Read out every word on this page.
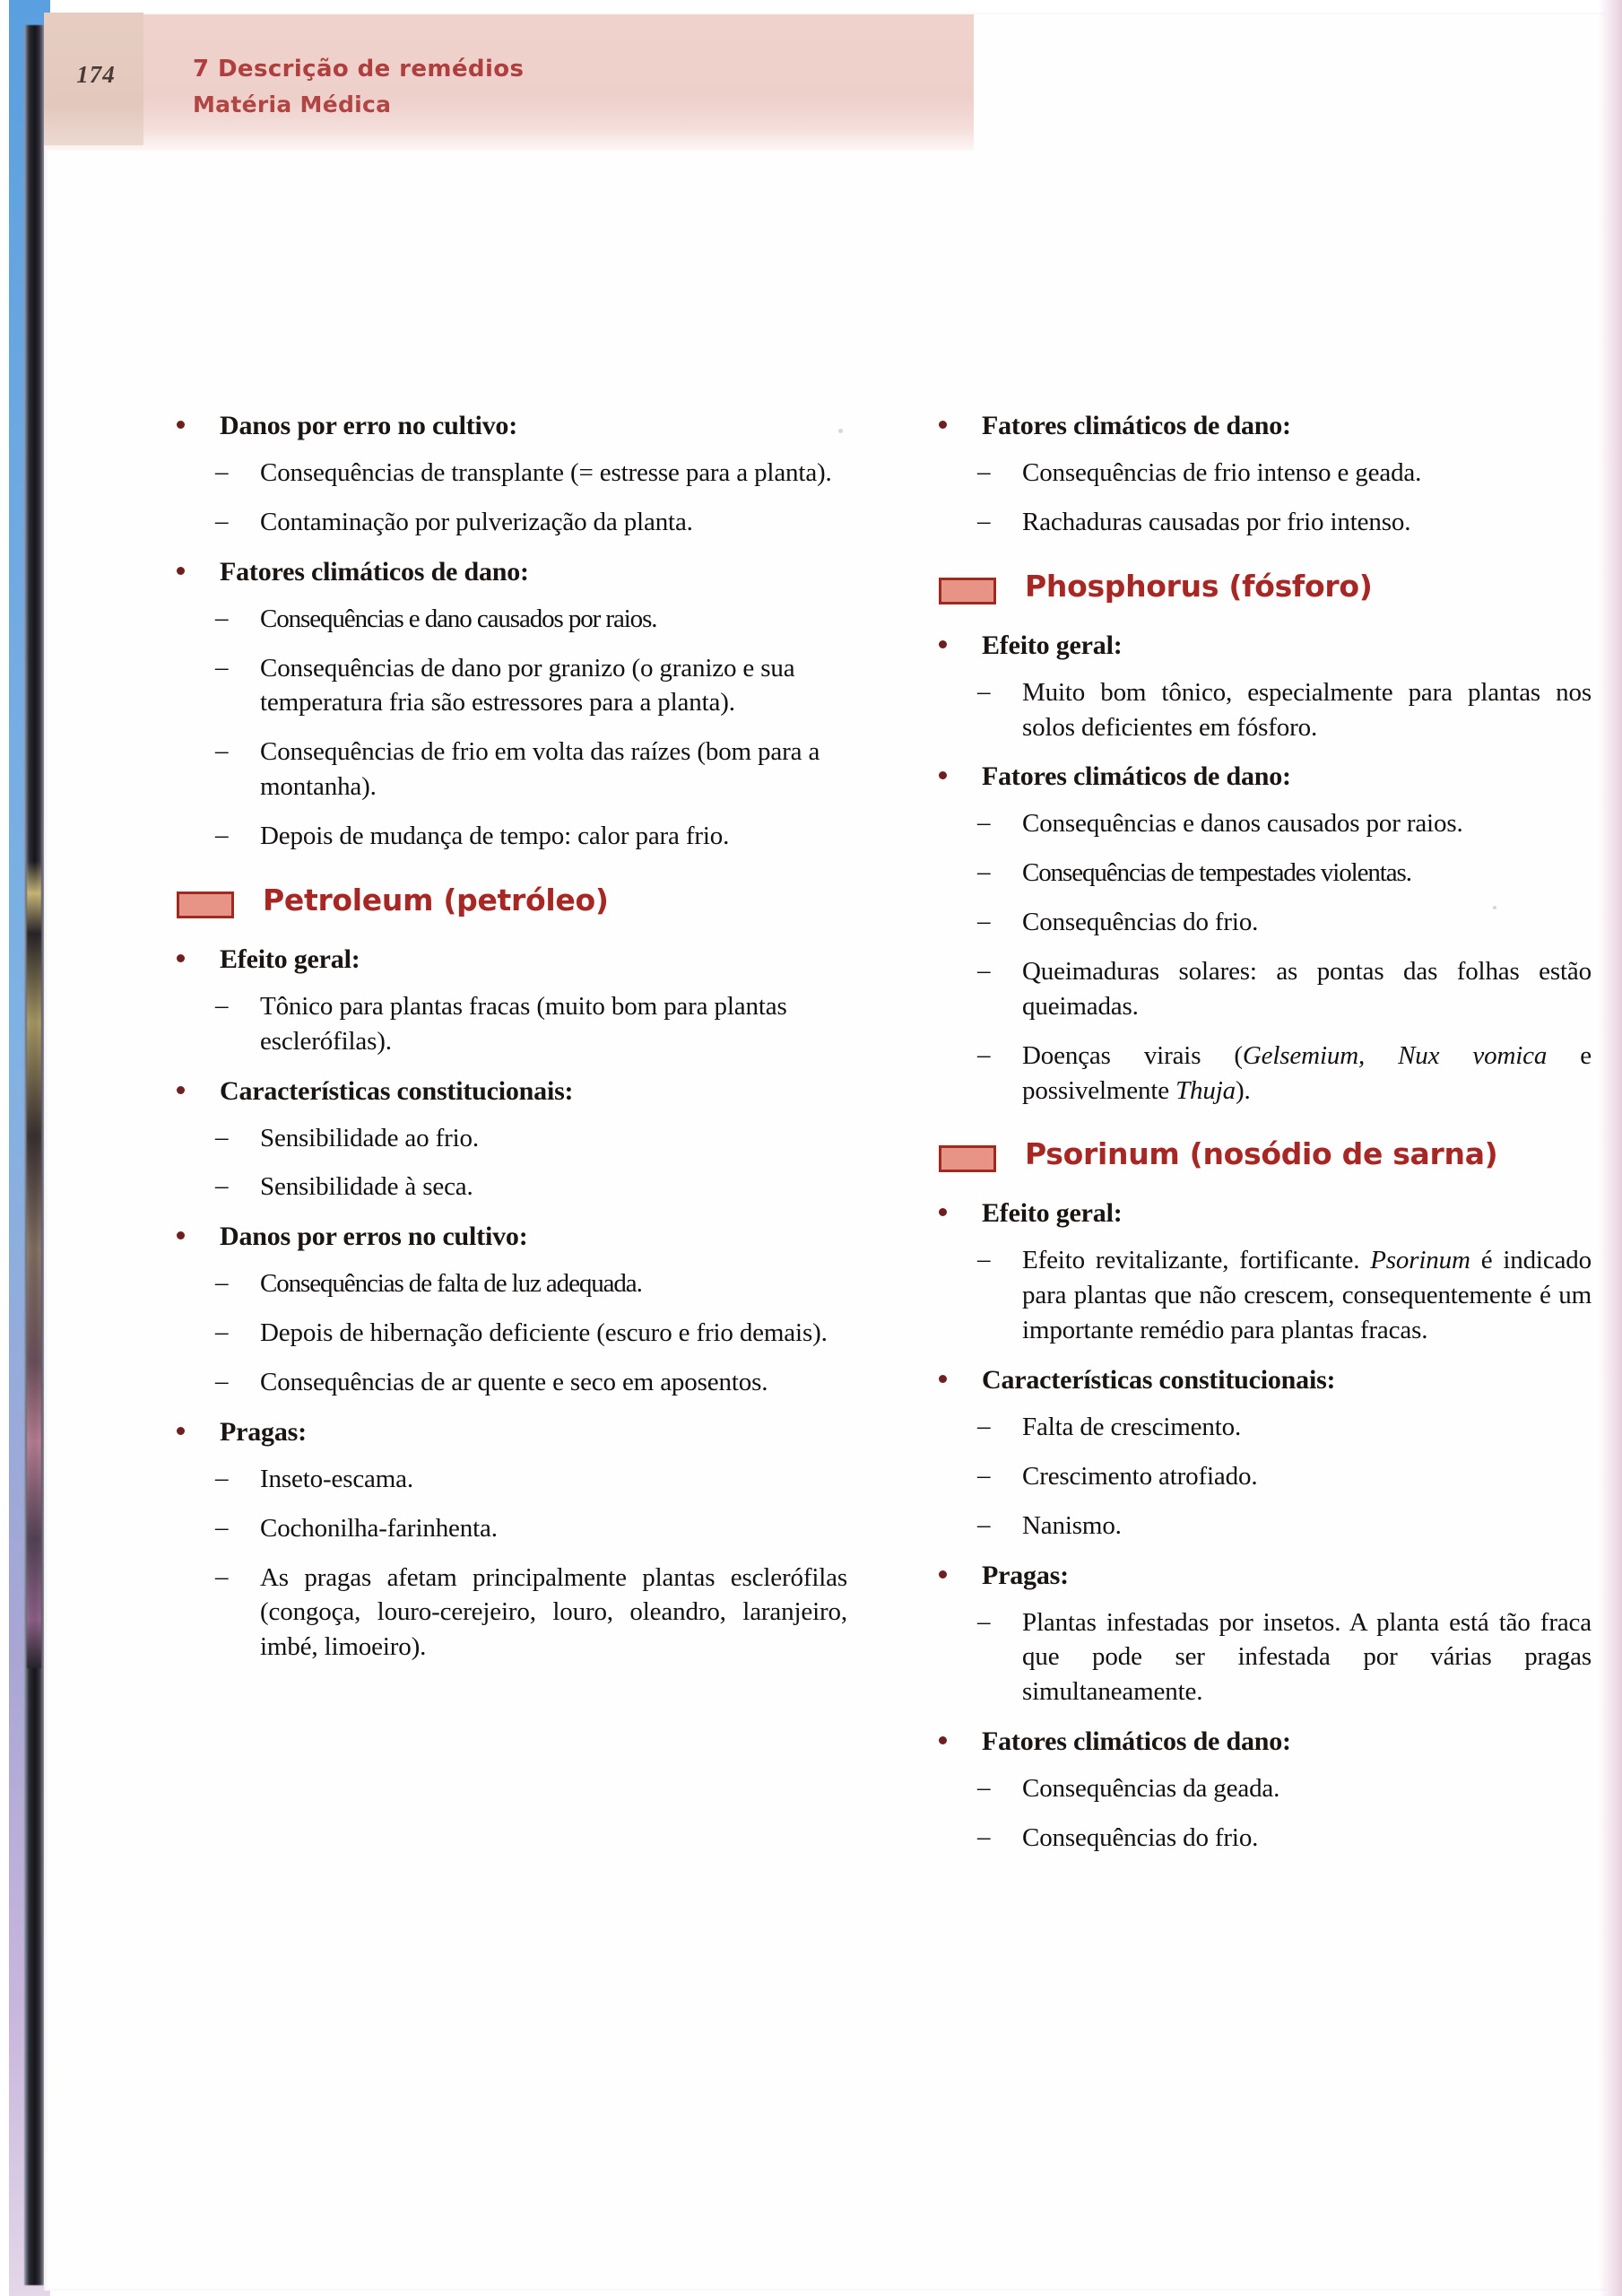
174	7 Descrição de remédios
Matéria Médica
Danos por erro no cultivo:
– Consequências de transplante (= estresse para a planta).
– Contaminação por pulverização da planta.
Fatores climáticos de dano:
– Consequências e dano causados por raios.
– Consequências de dano por granizo (o granizo e sua temperatura fria são estressores para a planta).
– Consequências de frio em volta das raízes (bom para a montanha).
– Depois de mudança de tempo: calor para frio.
Petroleum (petróleo)
Efeito geral:
– Tônico para plantas fracas (muito bom para plantas esclerófilas).
Características constitucionais:
– Sensibilidade ao frio.
– Sensibilidade à seca.
Danos por erros no cultivo:
– Consequências de falta de luz adequada.
– Depois de hibernação deficiente (escuro e frio demais).
– Consequências de ar quente e seco em aposentos.
Pragas:
– Inseto-escama.
– Cochonilha-farinhenta.
– As pragas afetam principalmente plantas esclerófilas (congoça, louro-cerejeiro, louro, oleandro, laranjeiro, imbé, limoeiro).
Fatores climáticos de dano:
– Consequências de frio intenso e geada.
– Rachaduras causadas por frio intenso.
Phosphorus (fósforo)
Efeito geral:
– Muito bom tônico, especialmente para plantas nos solos deficientes em fósforo.
Fatores climáticos de dano:
– Consequências e danos causados por raios.
– Consequências de tempestades violentas.
– Consequências do frio.
– Queimaduras solares: as pontas das folhas estão queimadas.
– Doenças virais (Gelsemium, Nux vomica e possivelmente Thuja).
Psorinum (nosódio de sarna)
Efeito geral:
– Efeito revitalizante, fortificante. Psorinum é indicado para plantas que não crescem, consequentemente é um importante remédio para plantas fracas.
Características constitucionais:
– Falta de crescimento.
– Crescimento atrofiado.
– Nanismo.
Pragas:
– Plantas infestadas por insetos. A planta está tão fraca que pode ser infestada por várias pragas simultaneamente.
Fatores climáticos de dano:
– Consequências da geada.
– Consequências do frio.
